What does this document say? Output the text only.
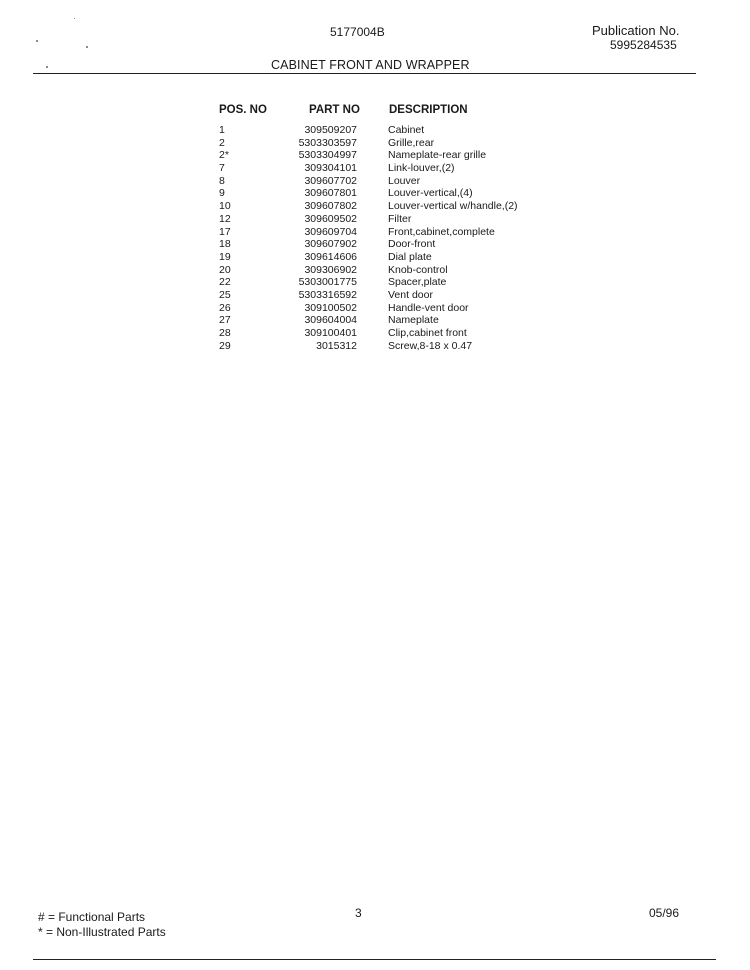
5177004B	Publication No.
5995284535
CABINET FRONT AND WRAPPER
POS. NO	PART NO	DESCRIPTION
1	309509207	Cabinet
2	5303303597	Grille,rear
2*	5303304997	Nameplate-rear grille
7	309304101	Link-louver,(2)
8	309607702	Louver
9	309607801	Louver-vertical,(4)
10	309607802	Louver-vertical w/handle,(2)
12	309609502	Filter
17	309609704	Front,cabinet,complete
18	309607902	Door-front
19	309614606	Dial plate
20	309306902	Knob-control
22	5303001775	Spacer,plate
25	5303316592	Vent door
26	309100502	Handle-vent door
27	309604004	Nameplate
28	309100401	Clip,cabinet front
29	3015312	Screw,8-18 x 0.47
# = Functional Parts
* = Non-Illustrated Parts
3	05/96
